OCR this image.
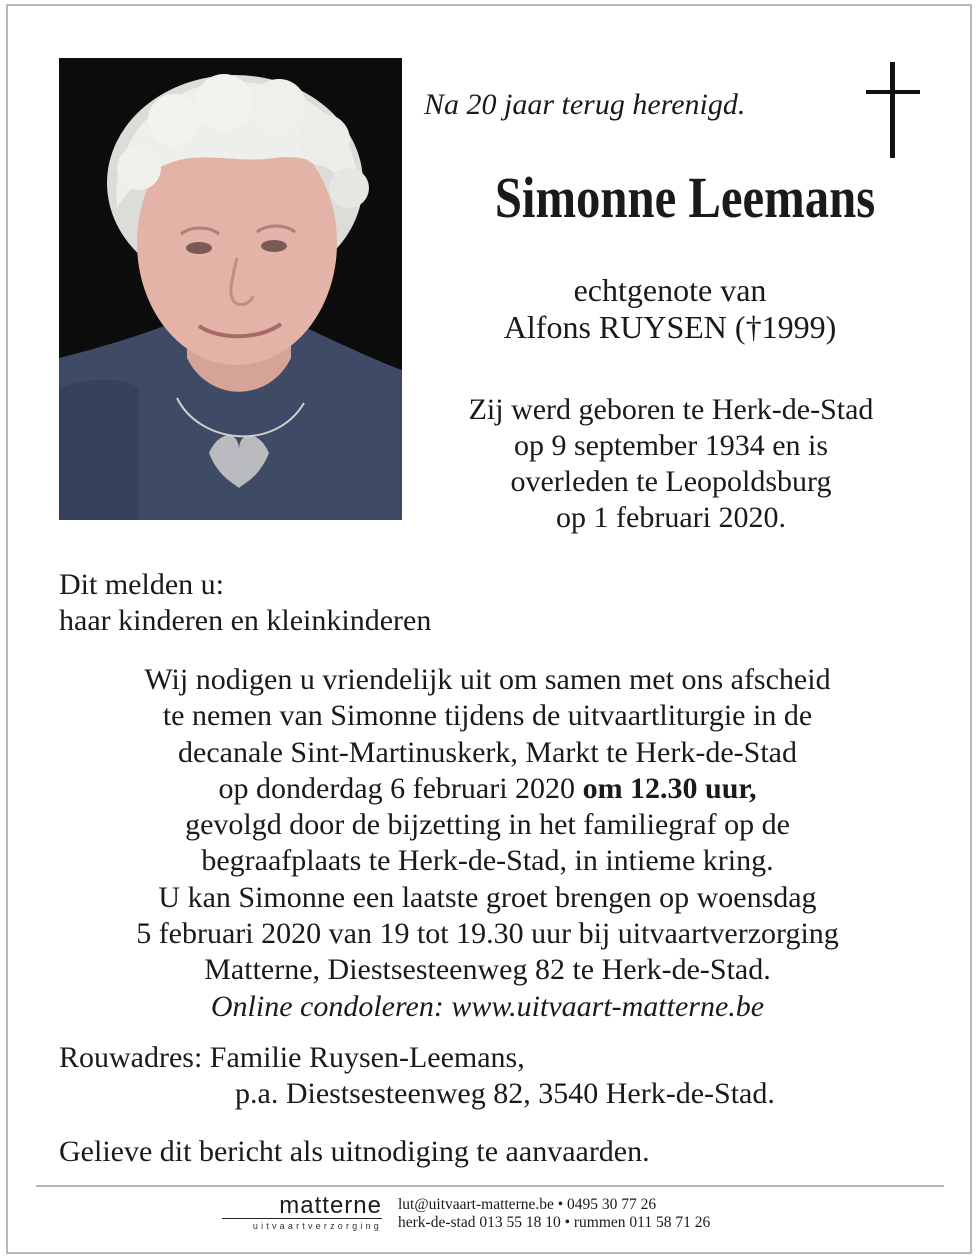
Na 20 jaar terug herenigd.
Simonne Leemans
echtgenote van
Alfons RUYSEN (†1999)
Zij werd geboren te Herk-de-Stad
op 9 september 1934 en is
overleden te Leopoldsburg
op 1 februari 2020.
Dit melden u:
haar kinderen en kleinkinderen
Wij nodigen u vriendelijk uit om samen met ons afscheid
te nemen van Simonne tijdens de uitvaartliturgie in de
decanale Sint-Martinuskerk, Markt te Herk-de-Stad
op donderdag 6 februari 2020 om 12.30 uur,
gevolgd door de bijzetting in het familiegraf op de
begraafplaats te Herk-de-Stad, in intieme kring.
U kan Simonne een laatste groet brengen op woensdag
5 februari 2020 van 19 tot 19.30 uur bij uitvaartverzorging
Matterne, Diestsesteenweg 82 te Herk-de-Stad.
Online condoleren: www.uitvaart-matterne.be
Rouwadres: Familie Ruysen-Leemans,
p.a. Diestsesteenweg 82, 3540 Herk-de-Stad.
Gelieve dit bericht als uitnodiging te aanvaarden.
matterne
uitvaartverzorging
lut@uitvaart-matterne.be • 0495 30 77 26
herk-de-stad 013 55 18 10 • rummen 011 58 71 26
